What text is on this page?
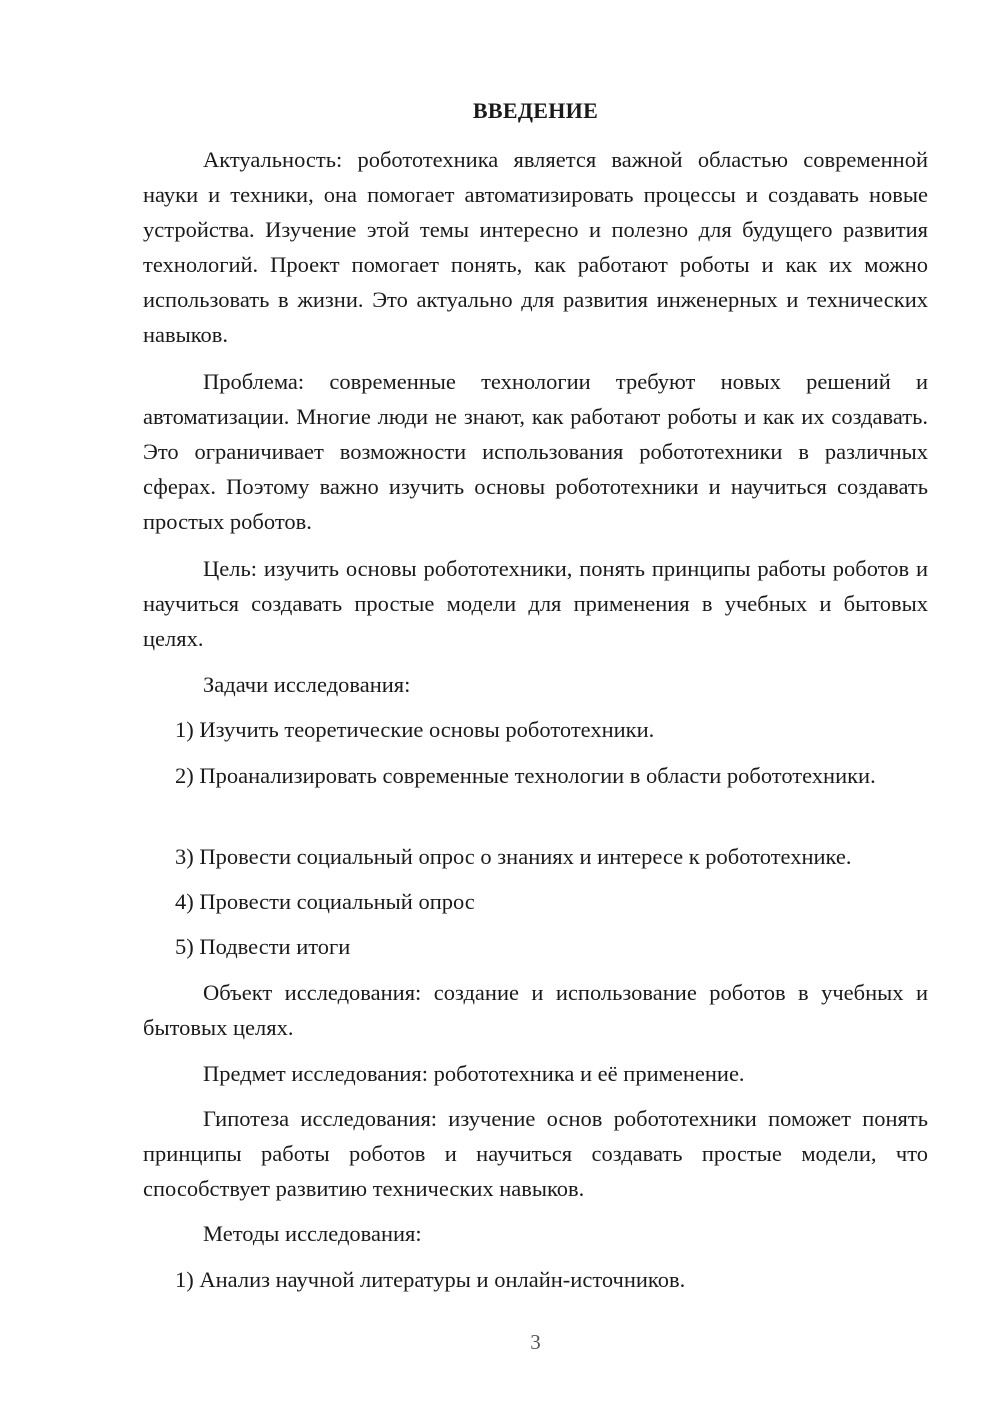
ВВЕДЕНИЕ

Актуальность: робототехника является важной областью современной науки и техники, она помогает автоматизировать процессы и создавать новые устройства. Изучение этой темы интересно и полезно для будущего развития технологий. Проект помогает понять, как работают роботы и как их можно использовать в жизни. Это актуально для развития инженерных и технических навыков.

Проблема: современные технологии требуют новых решений и автоматизации. Многие люди не знают, как работают роботы и как их создавать. Это ограничивает возможности использования робототехники в различных сферах. Поэтому важно изучить основы робототехники и научиться создавать простых роботов.

Цель: изучить основы робототехники, понять принципы работы роботов и научиться создавать простые модели для применения в учебных и бытовых целях.

Задачи исследования:

1) Изучить теоретические основы робототехники.

2) Проанализировать современные технологии в области робототехники.

3) Провести социальный опрос о знаниях и интересе к робототехнике.

4) Провести социальный опрос

5) Подвести итоги

Объект исследования: создание и использование роботов в учебных и бытовых целях.

Предмет исследования: робототехника и её применение.

Гипотеза исследования: изучение основ робототехники поможет понять принципы работы роботов и научиться создавать простые модели, что способствует развитию технических навыков.

Методы исследования:

1) Анализ научной литературы и онлайн-источников.

3
